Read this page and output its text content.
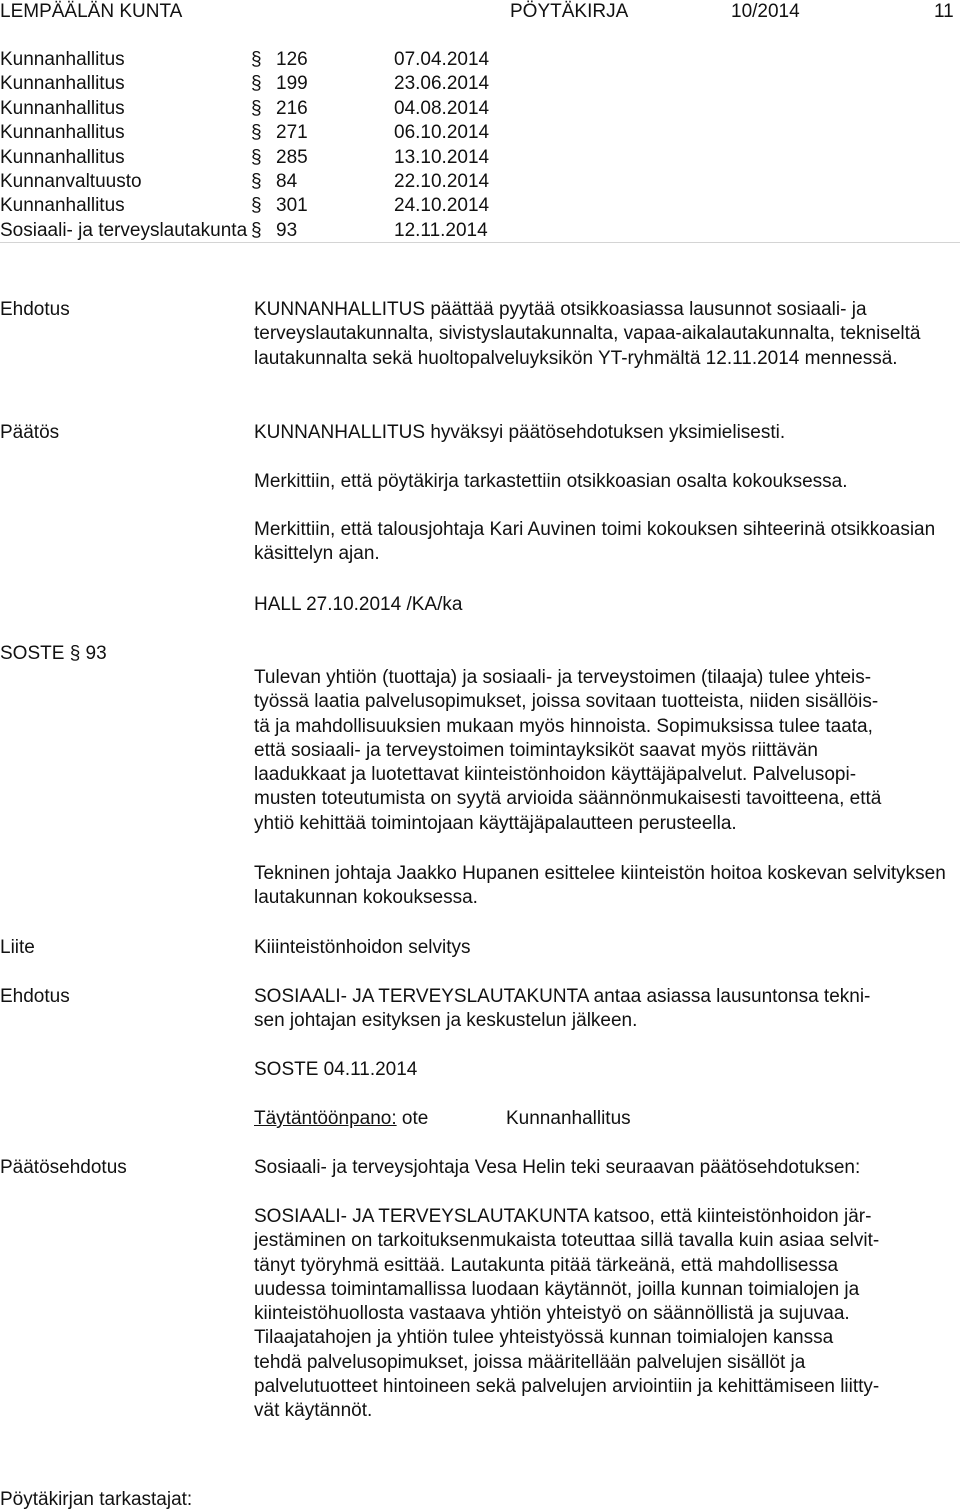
LEMPÄÄLÄN KUNTA	PÖYTÄKIRJA	10/2014	11
Kunnanhallitus	§ 126	07.04.2014
Kunnanhallitus	§ 199	23.06.2014
Kunnanhallitus	§ 216	04.08.2014
Kunnanhallitus	§ 271	06.10.2014
Kunnanhallitus	§ 285	13.10.2014
Kunnanvaltuusto	§ 84	22.10.2014
Kunnanhallitus	§ 301	24.10.2014
Sosiaali- ja terveyslautakunta § 93	12.11.2014
Ehdotus	KUNNANHALLITUS päättää pyytää otsikkoasiassa lausunnot sosiaali- ja terveyslautakunnalta, sivistyslautakunnalta, vapaa-aikalautakunnalta, tekniseltä lautakunnalta sekä huoltopalveluyksikön YT-ryhmältä 12.11.2014 mennessä.
Päätös	KUNNANHALLITUS hyväksyi päätösehdotuksen yksimielisesti.
Merkittiin, että pöytäkirja tarkastettiin otsikkoasian osalta kokouksessa.
Merkittiin, että talousjohtaja Kari Auvinen toimi kokouksen sihteerinä otsikkoasian käsittelyn ajan.
HALL 27.10.2014 /KA/ka
SOSTE § 93

Tulevan yhtiön (tuottaja) ja sosiaali- ja terveystoimen (tilaaja) tulee yhteis-

työssä laatia palvelusopimukset, joissa sovitaan tuotteista, niiden sisällöis-

tä ja mahdollisuuksien mukaan myös hinnoista. Sopimuksissa tulee taata,

että sosiaali- ja terveystoimen toimintayksiköt saavat myös riittävän

laadukkaat ja luotettavat kiinteistönhoidon käyttäjäpalvelut. Palvelusopi-

musten toteutumista on syytä arvioida säännönmukaisesti tavoitteena, että

yhtiö kehittää toimintojaan käyttäjäpalautteen perusteella.

Tekninen johtaja Jaakko Hupanen esittelee kiinteistön hoitoa koskevan selvityksen lautakunnan kokouksessa.
Liite	Kiiinteistönhoidon selvitys
Ehdotus	SOSIAALI- JA TERVEYSLAUTAKUNTA antaa asiassa lausuntonsa tekni-

sen johtajan esityksen ja keskustelun jälkeen.

SOSTE 04.11.2014
Täytäntöönpano: ote	Kunnanhallitus
Päätösehdotus	Sosiaali- ja terveysjohtaja Vesa Helin teki seuraavan päätösehdotuksen:

SOSIAALI- JA TERVEYSLAUTAKUNTA katsoo, että kiinteistönhoidon jär-

jestäminen on tarkoituksenmukaista toteuttaa sillä tavalla kuin asiaa selvit-

tänyt työryhmä esittää. Lautakunta pitää tärkeänä, että mahdollisessa

uudessa toimintamallissa luodaan käytännöt, joilla kunnan toimialojen ja

kiinteistöhuollosta vastaava yhtiön yhteistyö on säännöllistä ja sujuvaa.

Tilaajatahojen ja yhtiön tulee yhteistyössä kunnan toimialojen kanssa

tehdä palvelusopimukset, joissa määritellään palvelujen sisällöt ja

palvelutuotteet hintoineen sekä palvelujen arviointiin ja kehittämiseen liitty-

vät käytännöt.

Pöytäkirjan tarkastajat:
